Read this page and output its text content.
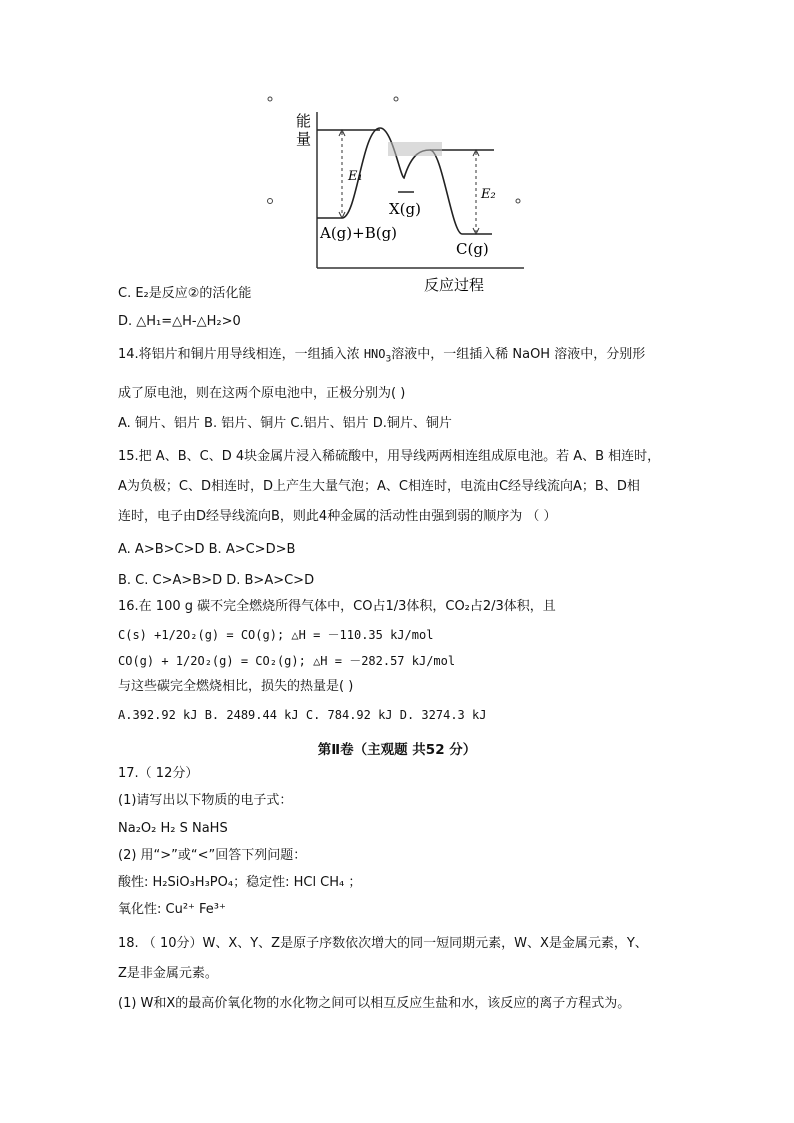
能
量
E₁
E₂
A(g)+B(g)
X(g)
C(g)
反应过程
C. E₂是反应②的活化能
D. △H₁=△H-△H₂>0
14.将铝片和铜片用导线相连，一组插入浓 $HNO_3$溶液中，一组插入稀 NaOH 溶液中，分别形
成了原电池，则在这两个原电池中，正极分别为( )
A. 铜片、铝片 B. 铝片、铜片 C.铝片、铝片 D.铜片、铜片
15.把 A、B、C、D 4块金属片浸入稀硫酸中，用导线两两相连组成原电池。若 A、B 相连时，
A为负极；C、D相连时，D上产生大量气泡；A、C相连时，电流由C经导线流向A；B、D相
连时，电子由D经导线流向B，则此4种金属的活动性由强到弱的顺序为 （ ）
A. A>B>C>D B. A>C>D>B
B. C. C>A>B>D D. B>A>C>D
16.在 100 g 碳不完全燃烧所得气体中，CO占1/3体积，CO₂占2/3体积，且
C(s) +1/2O₂(g) = CO(g); △H = －110.35 kJ/mol
CO(g) + 1/2O₂(g) = CO₂(g); △H = －282.57 kJ/mol
与这些碳完全燃烧相比，损失的热量是( )
A.392.92 kJ B. 2489.44 kJ C. 784.92 kJ D. 3274.3 kJ
第Ⅱ卷（主观题 共52 分）
17.（ 12分）
(1)请写出以下物质的电子式：
Na₂O₂ H₂ S NaHS
(2) 用“>”或“<”回答下列问题：
酸性: H₂SiO₃H₃PO₄；稳定性: HCl CH₄ ；
氧化性: Cu²⁺ Fe³⁺
18. （ 10分）W、X、Y、Z是原子序数依次增大的同一短同期元素，W、X是金属元素，Y、
Z是非金属元素。
(1) W和X的最高价氧化物的水化物之间可以相互反应生盐和水，该反应的离子方程式为。
